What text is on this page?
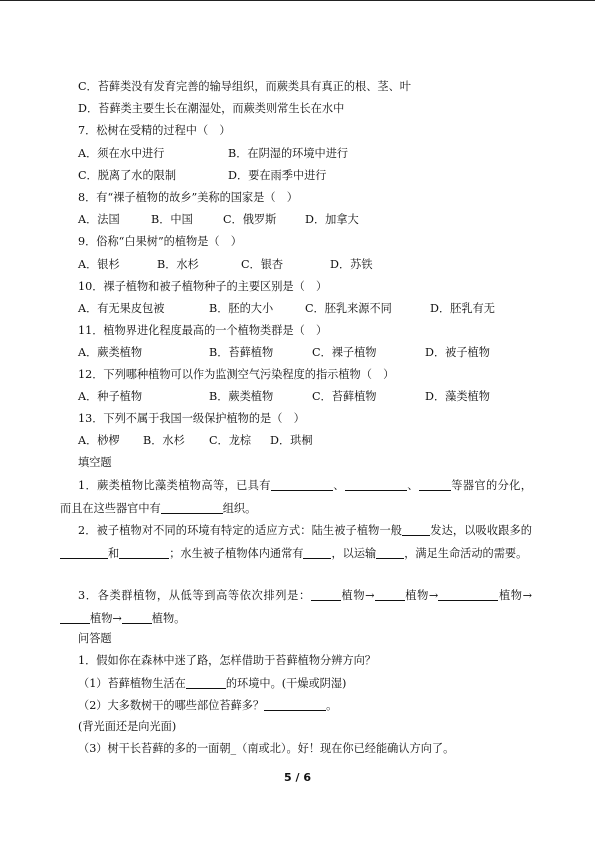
C．苔藓类没有发育完善的输导组织，而蕨类具有真正的根、茎、叶
D．苔藓类主要生长在潮湿处，而蕨类则常生长在水中
7．松树在受精的过程中（　）
A．须在水中进行	B．在阴湿的环境中进行
C．脱离了水的限制	D．要在雨季中进行
8．有“裸子植物的故乡”美称的国家是（　）
A．法国	B．中国	C．俄罗斯	D．加拿大
9．俗称“白果树”的植物是（　）
A．银杉	B．水杉	C．银杏	D．苏铁
10．裸子植物和被子植物种子的主要区别是（　）
A．有无果皮包被	B．胚的大小	C．胚乳来源不同	D．胚乳有无
11．植物界进化程度最高的一个植物类群是（　）
A．蕨类植物	B．苔藓植物	C．裸子植物	D．被子植物
12．下列哪种植物可以作为监测空气污染程度的指示植物（　）
A．种子植物	B．蕨类植物	C．苔藓植物	D．藻类植物
13．下列不属于我国一级保护植物的是（　）
A．桫椤 B．水杉 C．龙棕 D．珙桐
填空题
1．蕨类植物比藻类植物高等，已具有	、	、	等器官的分化，而且在这些器官中有	组织。
2．被子植物对不同的环境有特定的适应方式：陆生被子植物一般	发达，以吸收跟多的和	；水生被子植物体内通常有	，以运输	，满足生命活动的需要。
3．各类群植物，从低等到高等依次排列是：	植物→	植物→	植物→植物→	植物。
问答题
1．假如你在森林中迷了路，怎样借助于苔藓植物分辨方向？
（1）苔藓植物生活在	的环境中。(干燥或阴湿)
（2）大多数树干的哪些部位苔藓多？	。
(背光面还是向光面)
（3）树干长苔藓的多的一面朝_（南或北）。好！现在你已经能确认方向了。
5 / 6
